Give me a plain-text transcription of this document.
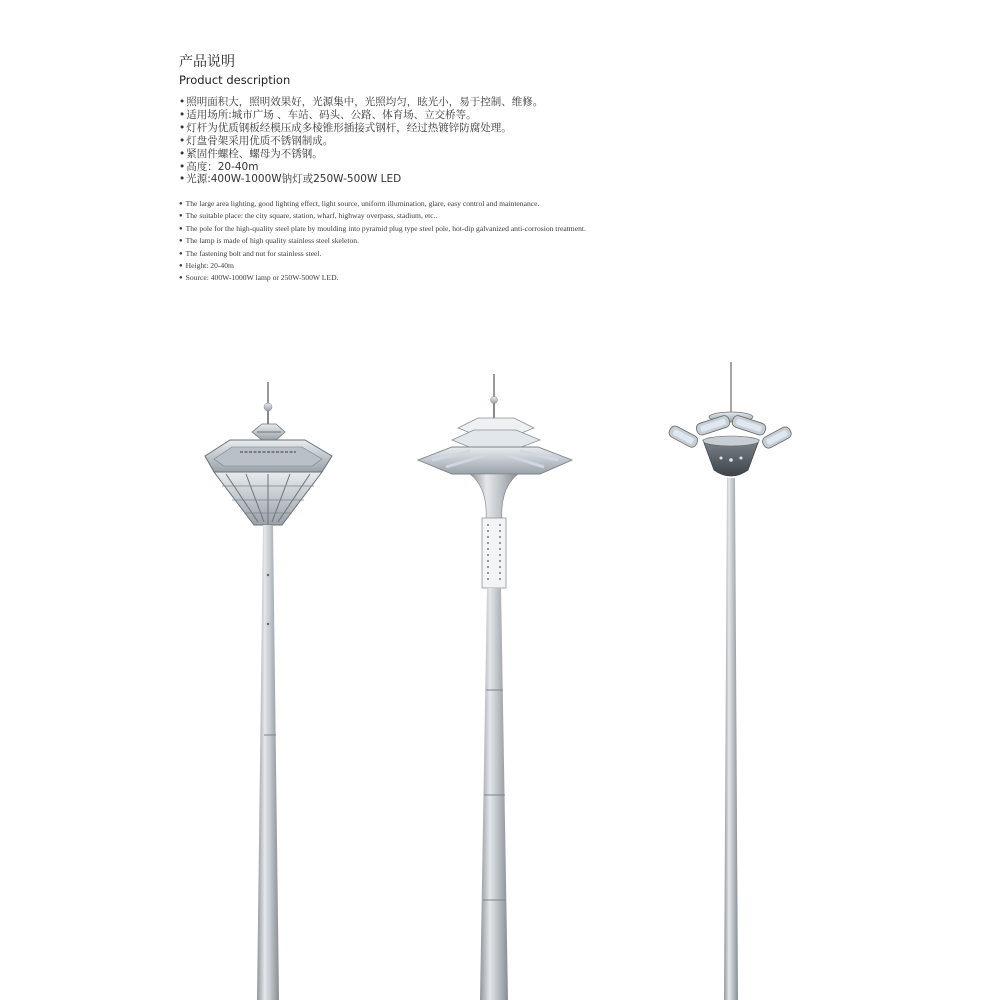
产品说明
Product description
• 照明面积大，照明效果好，光源集中，光照均匀，眩光小，易于控制、维修。
• 适用场所:城市广场 、车站、码头、公路、体育场、立交桥等。
• 灯杆为优质钢板经模压成多棱锥形插接式钢杆，经过热镀锌防腐处理。
• 灯盘骨架采用优质不锈钢制成。
• 紧固件螺栓、螺母为不锈钢。
• 高度：20-40m
• 光源:400W-1000W钠灯或250W-500W LED
● The large area lighting, good lighting effect, light source, uniform illumination, glare, easy control and maintenance.
● The suitable place: the city square, station, wharf, highway overpass, stadium, etc..
● The pole for the high-quality steel plate by moulding into pyramid plug type steel pole, hot-dip galvanized anti-corrosion treatment.
● The lamp is made of high quality stainless steel skeleton.
● The fastening bolt and nut for stainless steel.
● Height: 20-40m
● Source: 400W-1000W lamp or 250W-500W LED.
